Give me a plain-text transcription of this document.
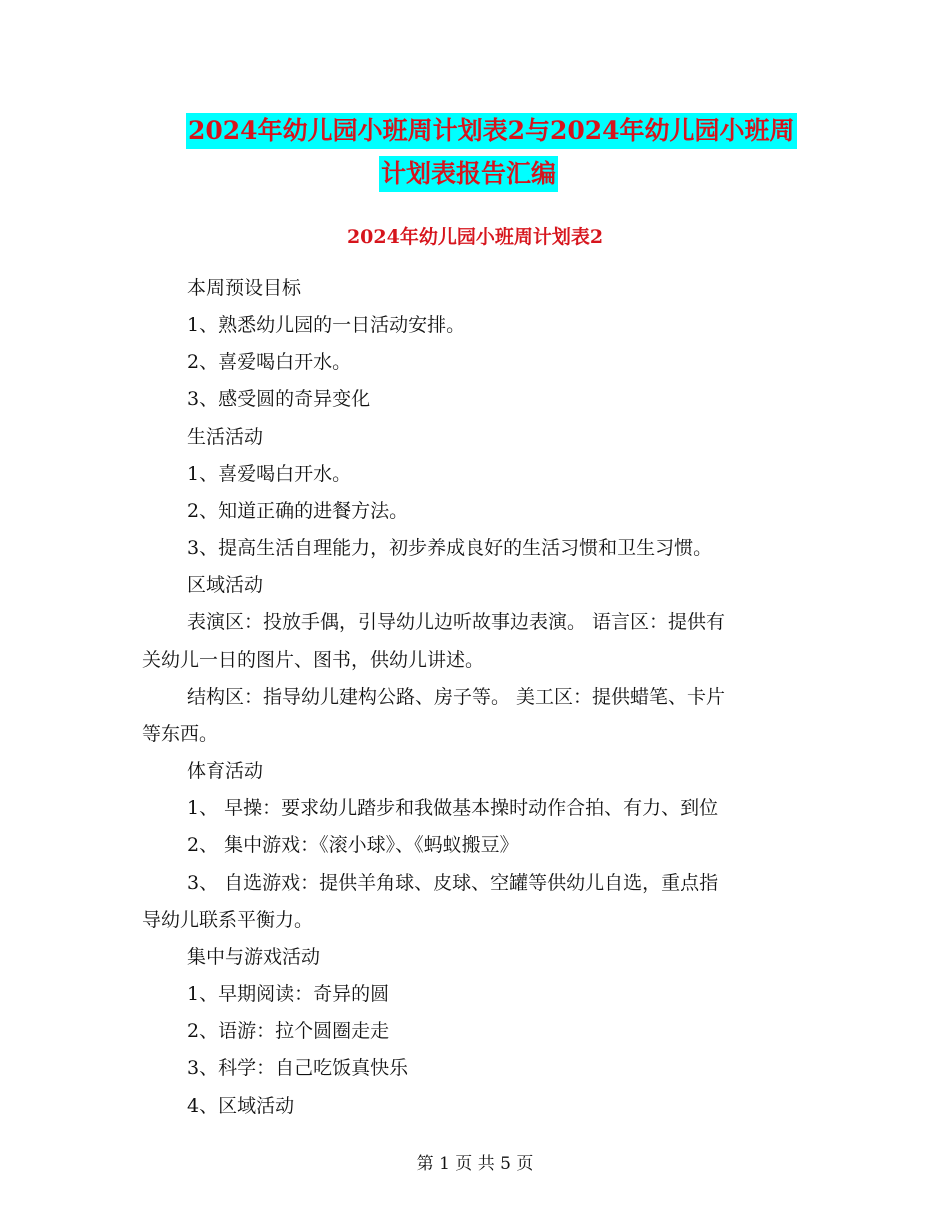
2024年幼儿园小班周计划表2与2024年幼儿园小班周
计划表报告汇编
2024年幼儿园小班周计划表2
本周预设目标
1、熟悉幼儿园的一日活动安排。
2、喜爱喝白开水。
3、感受圆的奇异变化
生活活动
1、喜爱喝白开水。
2、知道正确的进餐方法。
3、提高生活自理能力，初步养成良好的生活习惯和卫生习惯。
区域活动
表演区：投放手偶，引导幼儿边听故事边表演。 语言区：提供有
关幼儿一日的图片、图书，供幼儿讲述。
结构区：指导幼儿建构公路、房子等。 美工区：提供蜡笔、卡片
等东西。
体育活动
1、 早操：要求幼儿踏步和我做基本操时动作合拍、有力、到位
2、 集中游戏：《滚小球》、《蚂蚁搬豆》
3、 自选游戏：提供羊角球、皮球、空罐等供幼儿自选，重点指
导幼儿联系平衡力。
集中与游戏活动
1、早期阅读：奇异的圆
2、语游：拉个圆圈走走
3、科学：自己吃饭真快乐
4、区域活动
第 1 页 共 5 页
